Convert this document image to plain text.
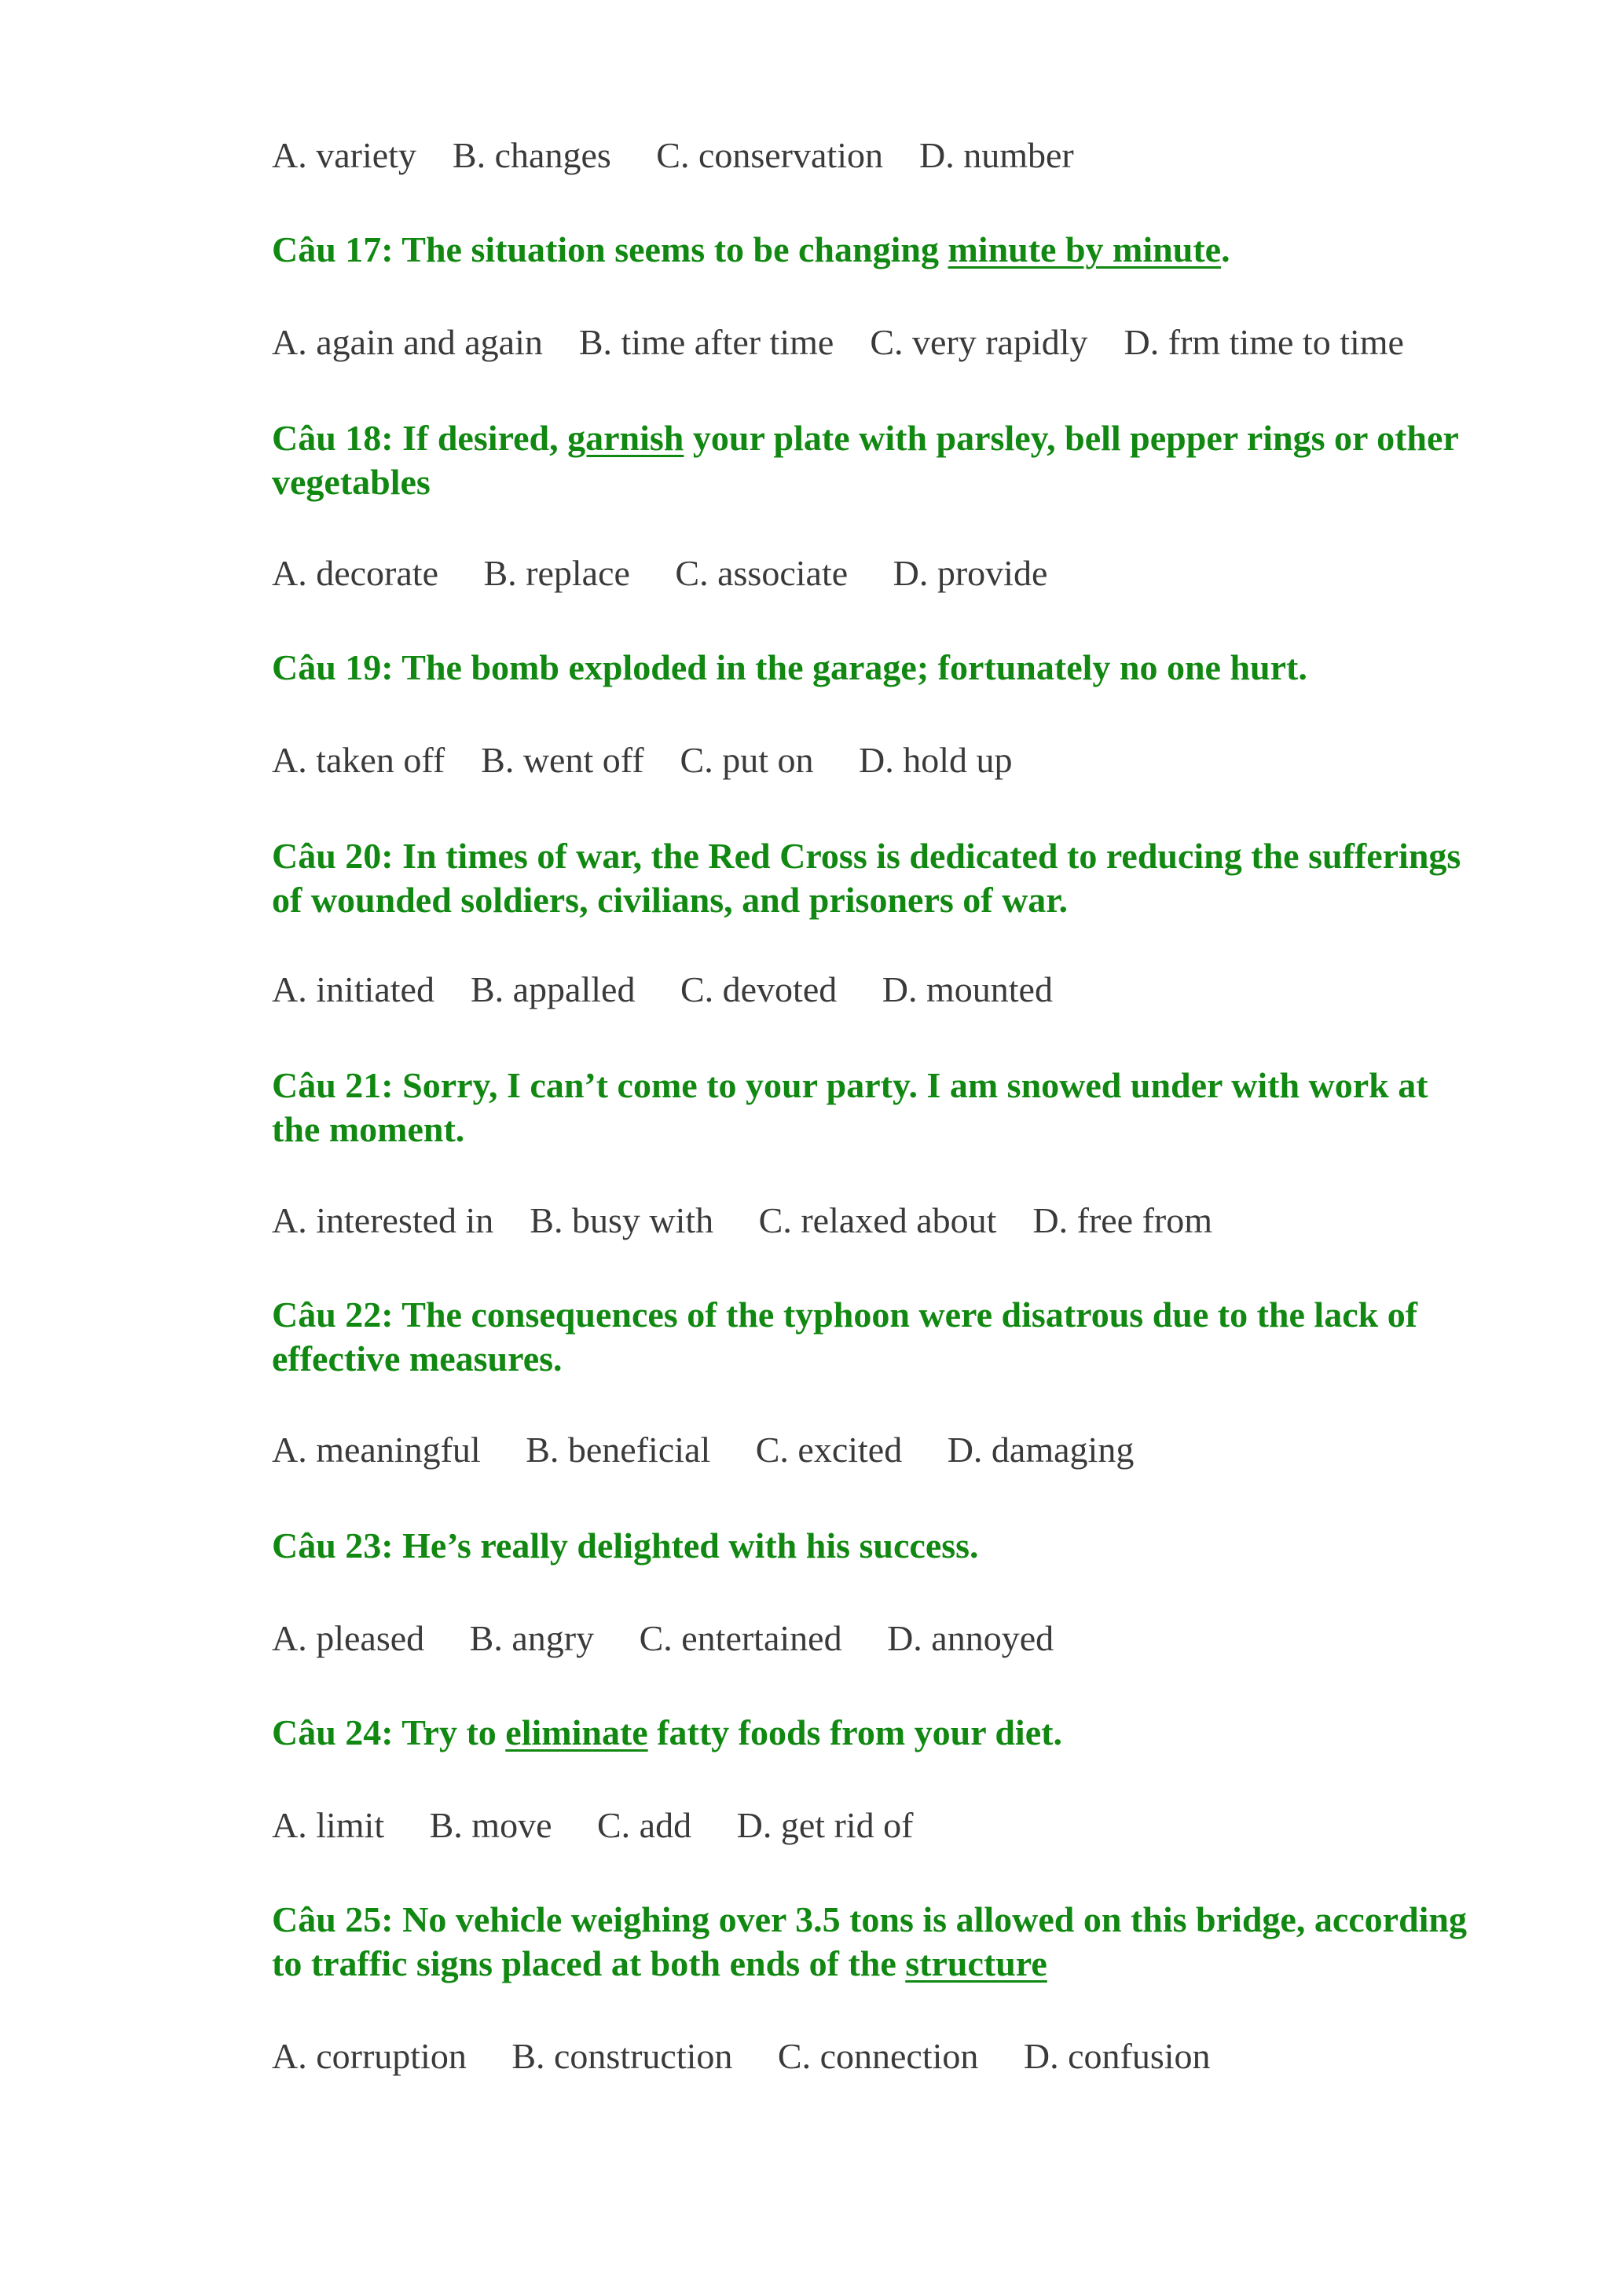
A. variety    B. changes     C. conservation    D. number

Câu 17: The situation seems to be changing minute by minute.

A. again and again    B. time after time    C. very rapidly    D. frm time to time

Câu 18: If desired, garnish your plate with parsley, bell pepper rings or other vegetables

A. decorate     B. replace     C. associate     D. provide

Câu 19: The bomb exploded in the garage; fortunately no one hurt.

A. taken off    B. went off    C. put on     D. hold up

Câu 20: In times of war, the Red Cross is dedicated to reducing the sufferings of wounded soldiers, civilians, and prisoners of war.

A. initiated    B. appalled     C. devoted     D. mounted

Câu 21: Sorry, I can’t come to your party. I am snowed under with work at the moment.

A. interested in    B. busy with     C. relaxed about    D. free from

Câu 22: The consequences of the typhoon were disatrous due to the lack of effective measures.

A. meaningful     B. beneficial     C. excited     D. damaging

Câu 23: He’s really delighted with his success.

A. pleased     B. angry     C. entertained     D. annoyed

Câu 24: Try to eliminate fatty foods from your diet.

A. limit     B. move     C. add     D. get rid of

Câu 25: No vehicle weighing over 3.5 tons is allowed on this bridge, according to traffic signs placed at both ends of the structure

A. corruption     B. construction     C. connection     D. confusion
